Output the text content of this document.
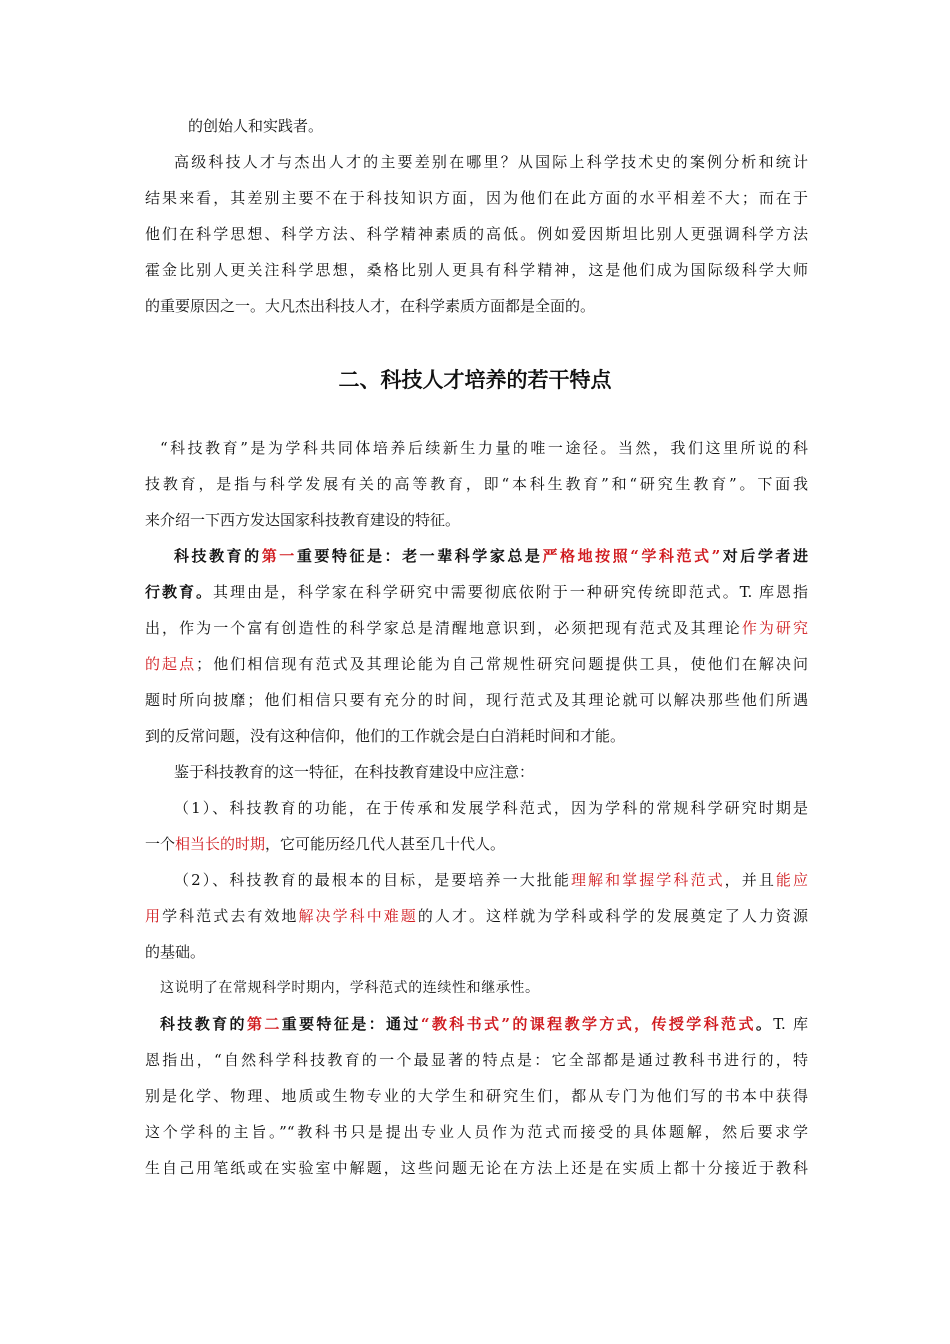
的创始人和实践者。
高级科技人才与杰出人才的主要差别在哪里？从国际上科学技术史的案例分析和统计
结果来看，其差别主要不在于科技知识方面，因为他们在此方面的水平相差不大；而在于
他们在科学思想、科学方法、科学精神素质的高低。例如爱因斯坦比别人更强调科学方法
霍金比别人更关注科学思想，桑格比别人更具有科学精神，这是他们成为国际级科学大师
的重要原因之一。大凡杰出科技人才，在科学素质方面都是全面的。
二、科技人才培养的若干特点
“科技教育”是为学科共同体培养后续新生力量的唯一途径。当然，我们这里所说的科
技教育，是指与科学发展有关的高等教育，即“本科生教育”和“研究生教育”。下面我
来介绍一下西方发达国家科技教育建设的特征。
科技教育的第一重要特征是：老一辈科学家总是严格地按照“学科范式”对后学者进
行教育。其理由是，科学家在科学研究中需要彻底依附于一种研究传统即范式。T. 库恩指
出，作为一个富有创造性的科学家总是清醒地意识到，必须把现有范式及其理论作为研究
的起点；他们相信现有范式及其理论能为自己常规性研究问题提供工具，使他们在解决问
题时所向披靡；他们相信只要有充分的时间，现行范式及其理论就可以解决那些他们所遇
到的反常问题，没有这种信仰，他们的工作就会是白白消耗时间和才能。
鉴于科技教育的这一特征，在科技教育建设中应注意：
（1）、科技教育的功能，在于传承和发展学科范式，因为学科的常规科学研究时期是
一个相当长的时期，它可能历经几代人甚至几十代人。
（2）、科技教育的最根本的目标，是要培养一大批能理解和掌握学科范式，并且能应
用学科范式去有效地解决学科中难题的人才。这样就为学科或科学的发展奠定了人力资源
的基础。
这说明了在常规科学时期内，学科范式的连续性和继承性。
科技教育的第二重要特征是：通过“教科书式”的课程教学方式，传授学科范式。T. 库
恩指出，“自然科学科技教育的一个最显著的特点是：它全部都是通过教科书进行的，特
别是化学、物理、地质或生物专业的大学生和研究生们，都从专门为他们写的书本中获得
这个学科的主旨。”“教科书只是提出专业人员作为范式而接受的具体题解，然后要求学
生自己用笔纸或在实验室中解题，这些问题无论在方法上还是在实质上都十分接近于教科
